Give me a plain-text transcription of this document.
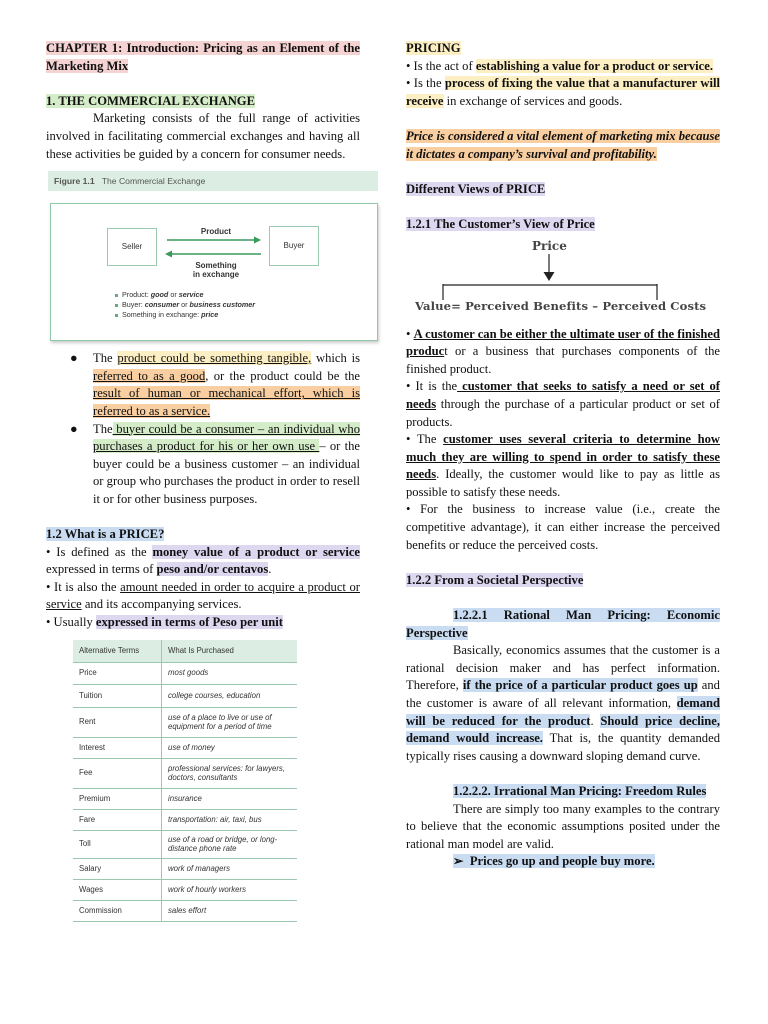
CHAPTER 1: Introduction: Pricing as an Element of the Marketing Mix

1. THE COMMERCIAL EXCHANGE

Marketing consists of the full range of activities involved in facilitating commercial exchanges and having all these activities be guided by a concern for consumer needs.

Figure 1.1 The Commercial Exchange
Seller	Buyer
Product
Something
in exchange
Product: good or service
Buyer: consumer or business customer
Something in exchange: price
● The product could be something tangible, which is referred to as a good, or the product could be the result of human or mechanical effort, which is referred to as a service.
● The buyer could be a consumer – an individual who purchases a product for his or her own use – or the buyer could be a business customer – an individual or group who purchases the product in order to resell it or for other business purposes.

1.2 What is a PRICE?

• Is defined as the money value of a product or service expressed in terms of peso and/or centavos.

• It is also the amount needed in order to acquire a product or service and its accompanying services.

• Usually expressed in terms of Peso per unit

Alternative Terms	What Is Purchased
Price	most goods
Tuition	college courses, education
Rent	use of a place to live or use of equipment for a period of time
Interest	use of money
Fee	professional services: for lawyers, doctors, consultants
Premium	insurance
Fare	transportation: air, taxi, bus
Toll	use of a road or bridge, or long-distance phone rate
Salary	work of managers
Wages	work of hourly workers
Commission	sales effort

PRICING

• Is the act of establishing a value for a product or service.

• Is the process of fixing the value that a manufacturer will receive in exchange of services and goods.

Price is considered a vital element of marketing mix because it dictates a company’s survival and profitability.

Different Views of PRICE

1.2.1 The Customer’s View of Price

Price
Value= Perceived Benefits – Perceived Costs

• A customer can be either the ultimate user of the finished product or a business that purchases components of the finished product.

• It is the customer that seeks to satisfy a need or set of needs through the purchase of a particular product or set of products.

• The customer uses several criteria to determine how much they are willing to spend in order to satisfy these needs. Ideally, the customer would like to pay as little as possible to satisfy these needs.

• For the business to increase value (i.e., create the competitive advantage), it can either increase the perceived benefits or reduce the perceived costs.

1.2.2 From a Societal Perspective

1.2.2.1 Rational Man Pricing: Economic Perspective

Basically, economics assumes that the customer is a rational decision maker and has perfect information. Therefore, if the price of a particular product goes up and the customer is aware of all relevant information, demand will be reduced for the product. Should price decline, demand would increase. That is, the quantity demanded typically rises causing a downward sloping demand curve.

1.2.2.2. Irrational Man Pricing: Freedom Rules

There are simply too many examples to the contrary to believe that the economic assumptions posited under the rational man model are valid.

➢ Prices go up and people buy more.
